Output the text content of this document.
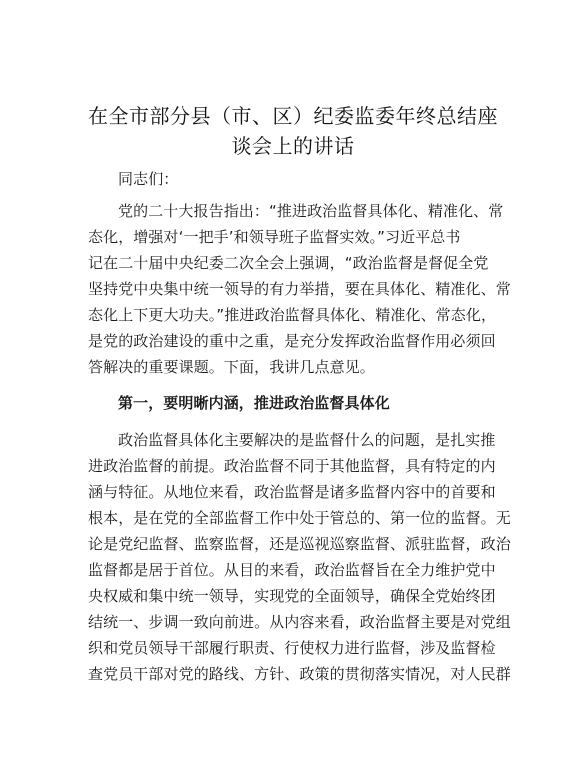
在全市部分县（市、区）纪委监委年终总结座
谈会上的讲话
同志们：
党的二十大报告指出：“推进政治监督具体化、精准化、常
态化，增强对‘一把手’和领导班子监督实效。”习近平总书
记在二十届中央纪委二次全会上强调，“政治监督是督促全党
坚持党中央集中统一领导的有力举措，要在具体化、精准化、常
态化上下更大功夫。”推进政治监督具体化、精准化、常态化，
是党的政治建设的重中之重，是充分发挥政治监督作用必须回
答解决的重要课题。下面，我讲几点意见。
第一，要明晰内涵，推进政治监督具体化
政治监督具体化主要解决的是监督什么的问题，是扎实推
进政治监督的前提。政治监督不同于其他监督，具有特定的内
涵与特征。从地位来看，政治监督是诸多监督内容中的首要和
根本，是在党的全部监督工作中处于管总的、第一位的监督。无
论是党纪监督、监察监督，还是巡视巡察监督、派驻监督，政治
监督都是居于首位。从目的来看，政治监督旨在全力维护党中
央权威和集中统一领导，实现党的全面领导，确保全党始终团
结统一、步调一致向前进。从内容来看，政治监督主要是对党组
织和党员领导干部履行职责、行使权力进行监督，涉及监督检
查党员干部对党的路线、方针、政策的贯彻落实情况，对人民群
